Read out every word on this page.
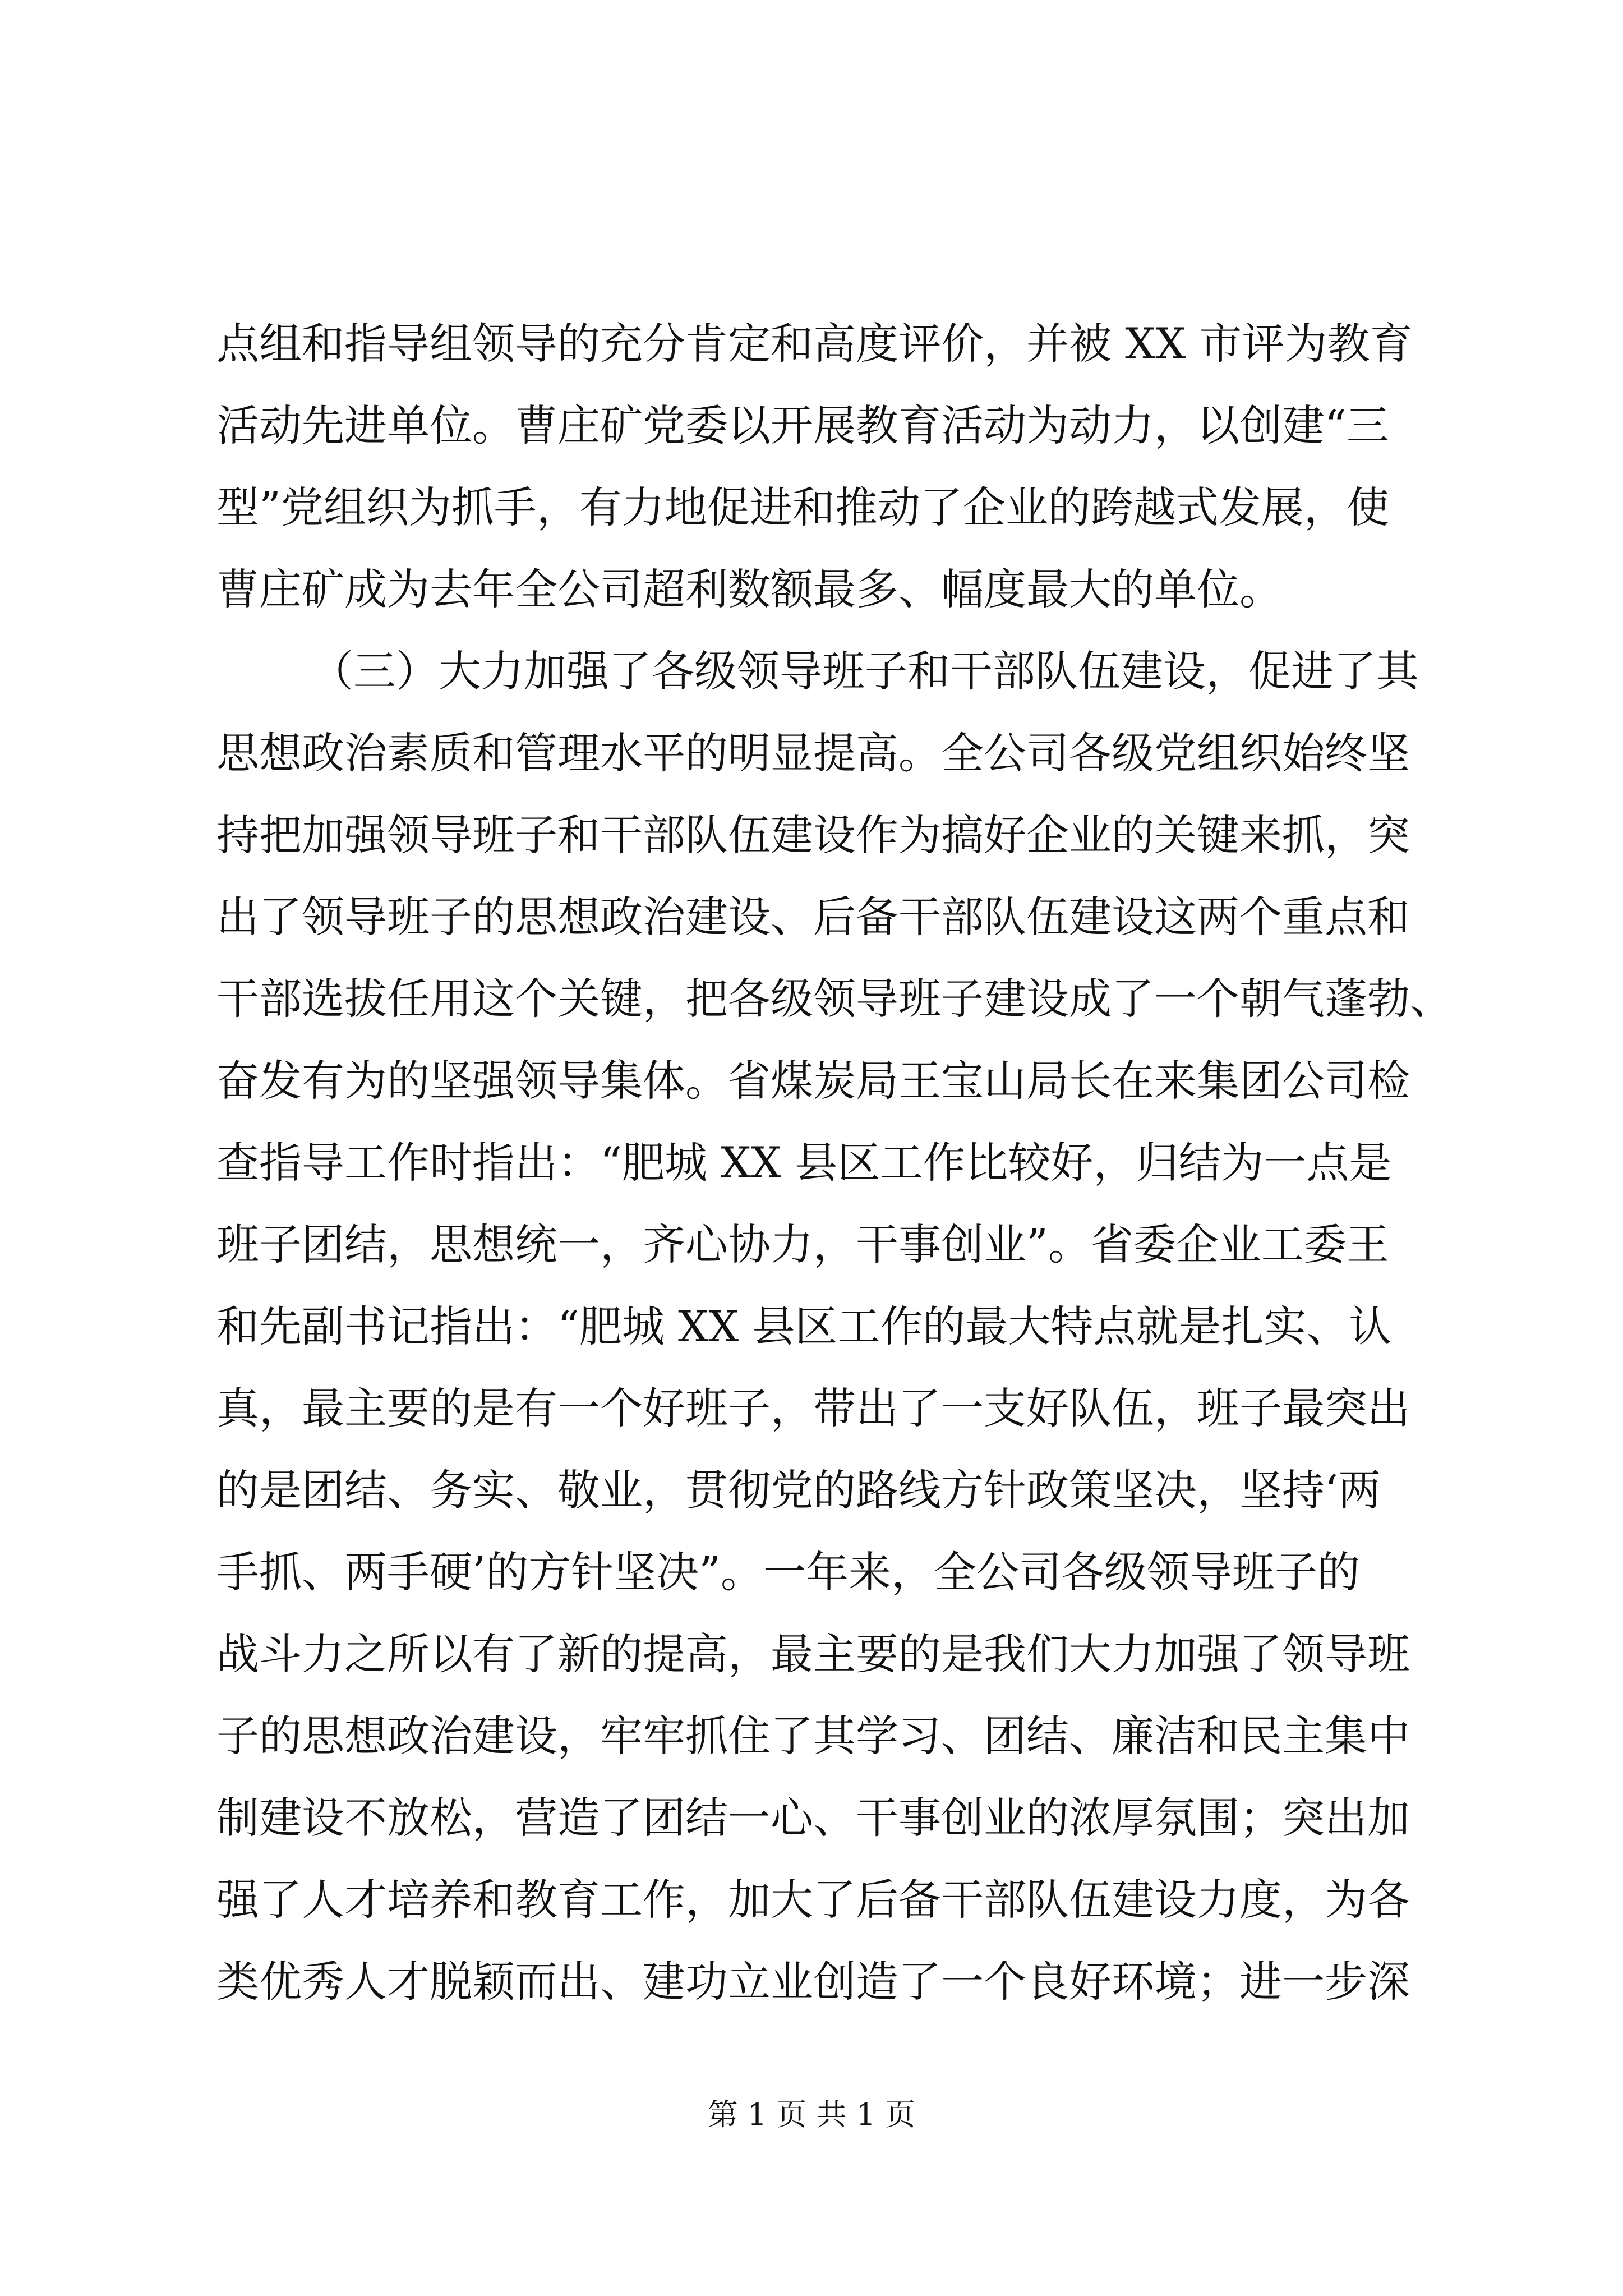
点组和指导组领导的充分肯定和高度评价，并被 XX 市评为教育
活动先进单位。曹庄矿党委以开展教育活动为动力，以创建“三
型”党组织为抓手，有力地促进和推动了企业的跨越式发展，使
曹庄矿成为去年全公司超利数额最多、幅度最大的单位。
（三）大力加强了各级领导班子和干部队伍建设，促进了其
思想政治素质和管理水平的明显提高。全公司各级党组织始终坚
持把加强领导班子和干部队伍建设作为搞好企业的关键来抓，突
出了领导班子的思想政治建设、后备干部队伍建设这两个重点和
干部选拔任用这个关键，把各级领导班子建设成了一个朝气蓬勃、
奋发有为的坚强领导集体。省煤炭局王宝山局长在来集团公司检
查指导工作时指出：“肥城 XX 县区工作比较好，归结为一点是
班子团结，思想统一，齐心协力，干事创业”。省委企业工委王
和先副书记指出：“肥城 XX 县区工作的最大特点就是扎实、认
真，最主要的是有一个好班子，带出了一支好队伍，班子最突出
的是团结、务实、敬业，贯彻党的路线方针政策坚决，坚持‘两
手抓、两手硬’的方针坚决”。一年来，全公司各级领导班子的
战斗力之所以有了新的提高，最主要的是我们大力加强了领导班
子的思想政治建设，牢牢抓住了其学习、团结、廉洁和民主集中
制建设不放松，营造了团结一心、干事创业的浓厚氛围；突出加
强了人才培养和教育工作，加大了后备干部队伍建设力度，为各
类优秀人才脱颖而出、建功立业创造了一个良好环境；进一步深
第 1 页 共 1 页
